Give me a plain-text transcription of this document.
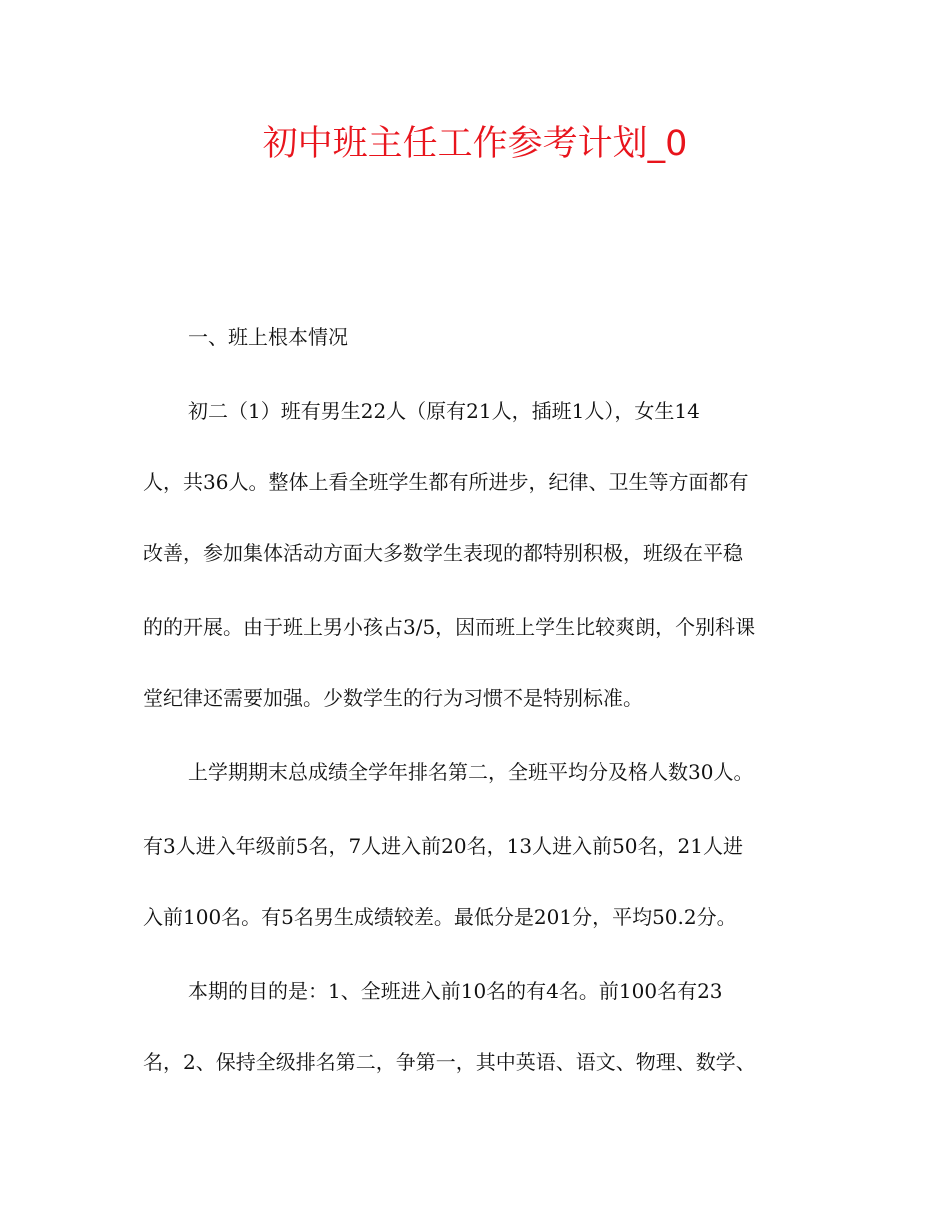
初中班主任工作参考计划_0
一、班上根本情况
初二（1）班有男生22人（原有21人，插班1人），女生14
人，共36人。整体上看全班学生都有所进步，纪律、卫生等方面都有
改善，参加集体活动方面大多数学生表现的都特别积极，班级在平稳
的的开展。由于班上男小孩占3/5，因而班上学生比较爽朗，个别科课
堂纪律还需要加强。少数学生的行为习惯不是特别标准。
上学期期末总成绩全学年排名第二，全班平均分及格人数30人。
有3人进入年级前5名，7人进入前20名，13人进入前50名，21人进
入前100名。有5名男生成绩较差。最低分是201分，平均50.2分。
本期的目的是：1、全班进入前10名的有4名。前100名有23
名，2、保持全级排名第二，争第一，其中英语、语文、物理、数学、
